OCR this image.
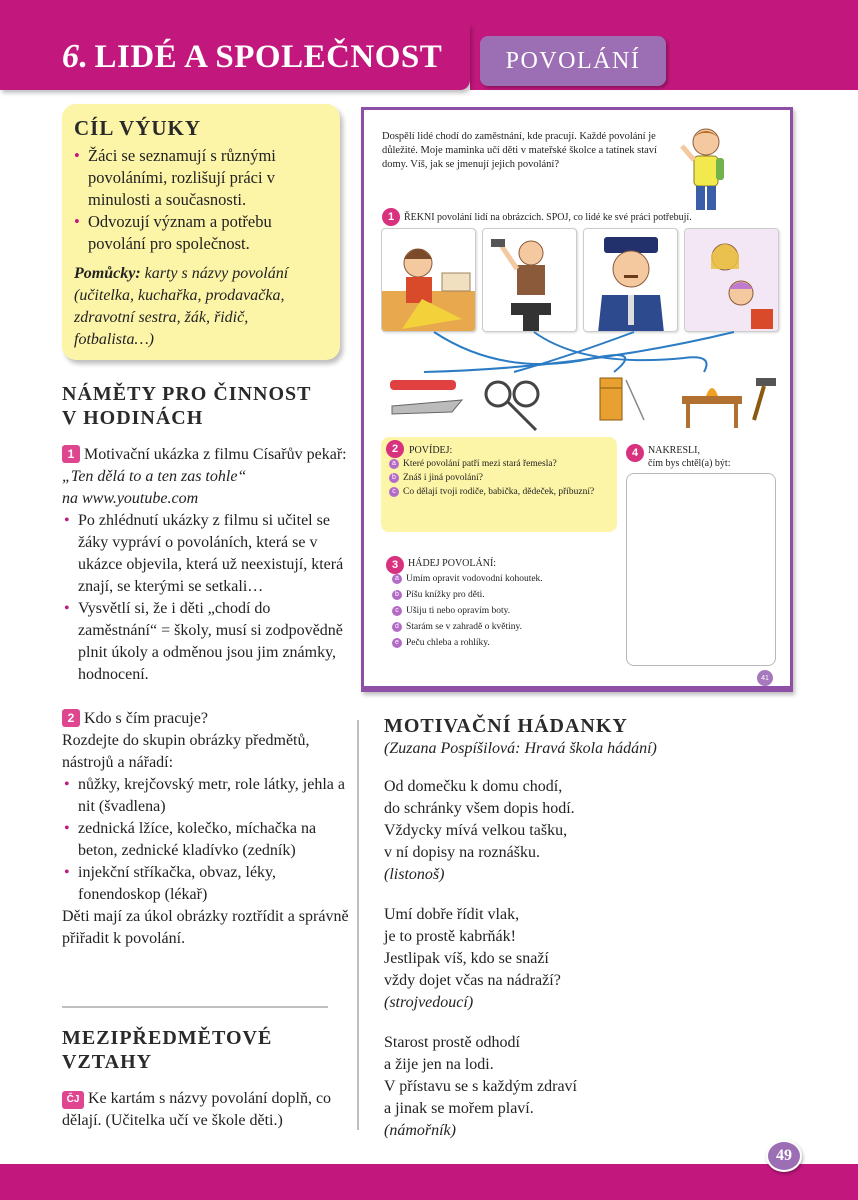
6. LIDÉ A SPOLEČNOST	POVOLÁNÍ
CÍL VÝUKY
• Žáci se seznamují s různými povoláními, rozlišují práci v minulosti a současnosti.
• Odvozují význam a potřebu povolání pro společnost.
Pomůcky: karty s názvy povolání (učitelka, kuchařka, prodavačka, zdravotní sestra, žák, řidič, fotbalista…)
NÁMĚTY PRO ČINNOST
V HODINÁCH
1 Motivační ukázka z filmu Císařův pekař:
„Ten dělá to a ten zas tohle“
na www.youtube.com
• Po zhlédnutí ukázky z filmu si učitel se žáky vypráví o povoláních, která se v ukázce objevila, která už neexistují, která znají, se kterými se setkali…
• Vysvětlí si, že i děti „chodí do zaměstnání“ = školy, musí si zodpovědně plnit úkoly a odměnou jsou jim známky, hodnocení.
2 Kdo s čím pracuje?
Rozdejte do skupin obrázky předmětů, nástrojů a nářadí:
• nůžky, krejčovský metr, role látky, jehla a nit (švadlena)
• zednická lžíce, kolečko, míchačka na beton, zednické kladívko (zedník)
• injekční stříkačka, obvaz, léky, fonendoskop (lékař)
Děti mají za úkol obrázky roztřídit a správně přiřadit k povolání.
MEZIPŘEDMĚTOVÉ
VZTAHY
ČJ Ke kartám s názvy povolání doplň, co dělají. (Učitelka učí ve škole děti.)
Dospělí lidé chodí do zaměstnání, kde pracují. Každé povolání je důležité. Moje maminka učí děti v mateřské školce a tatínek staví domy. Víš, jak se jmenují jejich povolání?
1 ŘEKNI povolání lidí na obrázcích. SPOJ, co lidé ke své práci potřebují.
2	POVÍDEJ:
a Které povolání patří mezi stará řemesla?
b Znáš i jiná povolání?
c Co dělají tvoji rodiče, babička, dědeček, příbuzní?
4 NAKRESLI,
čím bys chtěl(a) být:
3 HÁDEJ POVOLÁNÍ:
a Umím opravit vodovodní kohoutek.
b Píšu knížky pro děti.
c Ušiju ti nebo opravím boty.
d Starám se v zahradě o květiny.
e Peču chleba a rohlíky.
41
MOTIVAČNÍ HÁDANKY
(Zuzana Pospíšilová: Hravá škola hádání)

Od domečku k domu chodí,

do schránky všem dopis hodí.

Vždycky mívá velkou tašku,

v ní dopisy na roznášku.

(listonoš)

Umí dobře řídit vlak,

je to prostě kabrňák!

Jestlipak víš, kdo se snaží

vždy dojet včas na nádraží?

(strojvedoucí)

Starost prostě odhodí

a žije jen na lodi.

V přístavu se s každým zdraví

a jinak se mořem plaví.

(námořník)

49
